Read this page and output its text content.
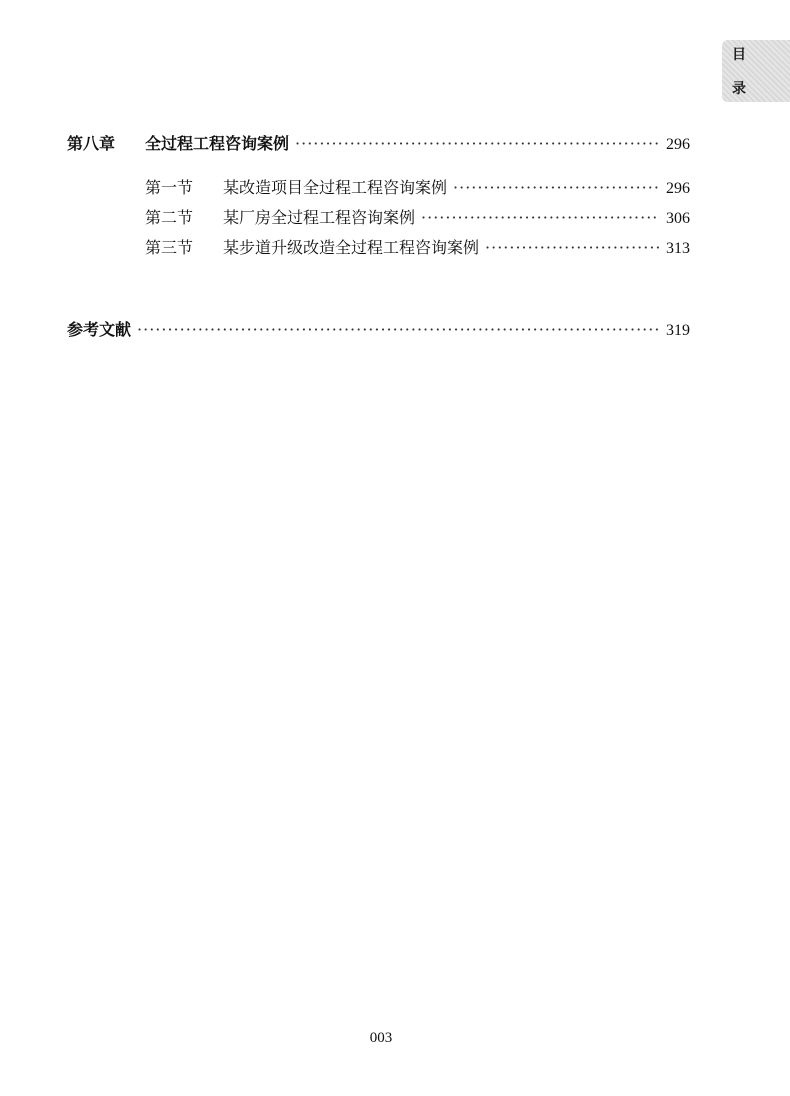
目
录
第八章	全过程工程咨询案例 ·····	296
第一节	某改造项目全过程工程咨询案例 ·····	296
第二节	某厂房全过程工程咨询案例 ·····	306
第三节	某步道升级改造全过程工程咨询案例 ·····	313
参考文献 ·····	319
003
